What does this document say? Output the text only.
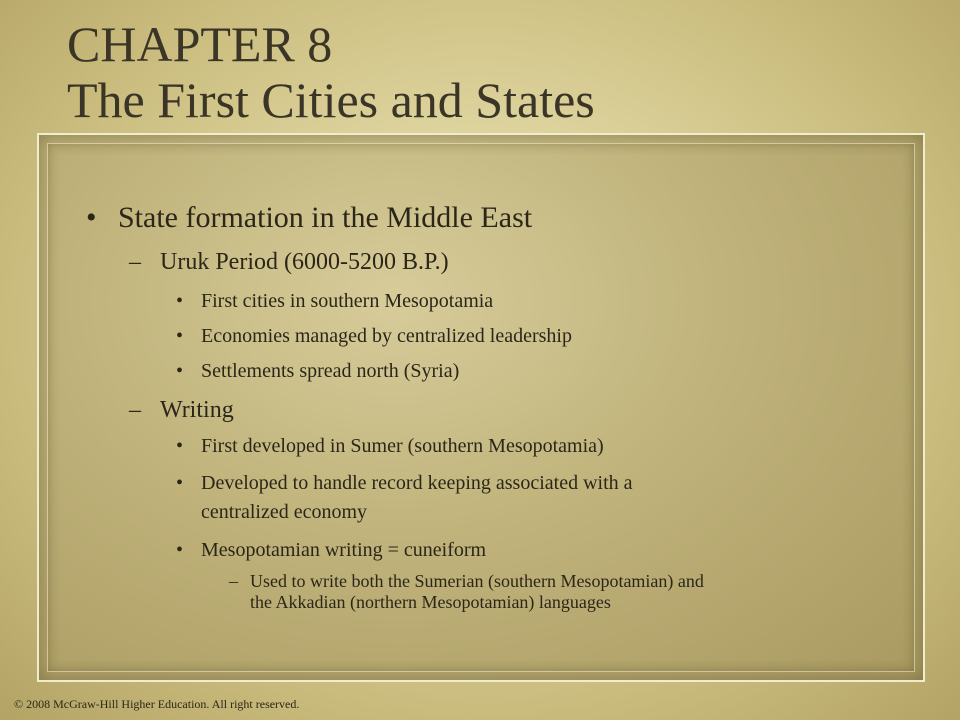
CHAPTER 8
The First Cities and States
• State formation in the Middle East
– Uruk Period (6000-5200 B.P.)
• First cities in southern Mesopotamia
• Economies managed by centralized leadership
• Settlements spread north (Syria)
– Writing
• First developed in Sumer (southern Mesopotamia)
• Developed to handle record keeping associated with a
centralized economy
• Mesopotamian writing = cuneiform
– Used to write both the Sumerian (southern Mesopotamian) and
the Akkadian (northern Mesopotamian) languages
© 2008 McGraw-Hill Higher Education. All right reserved.
